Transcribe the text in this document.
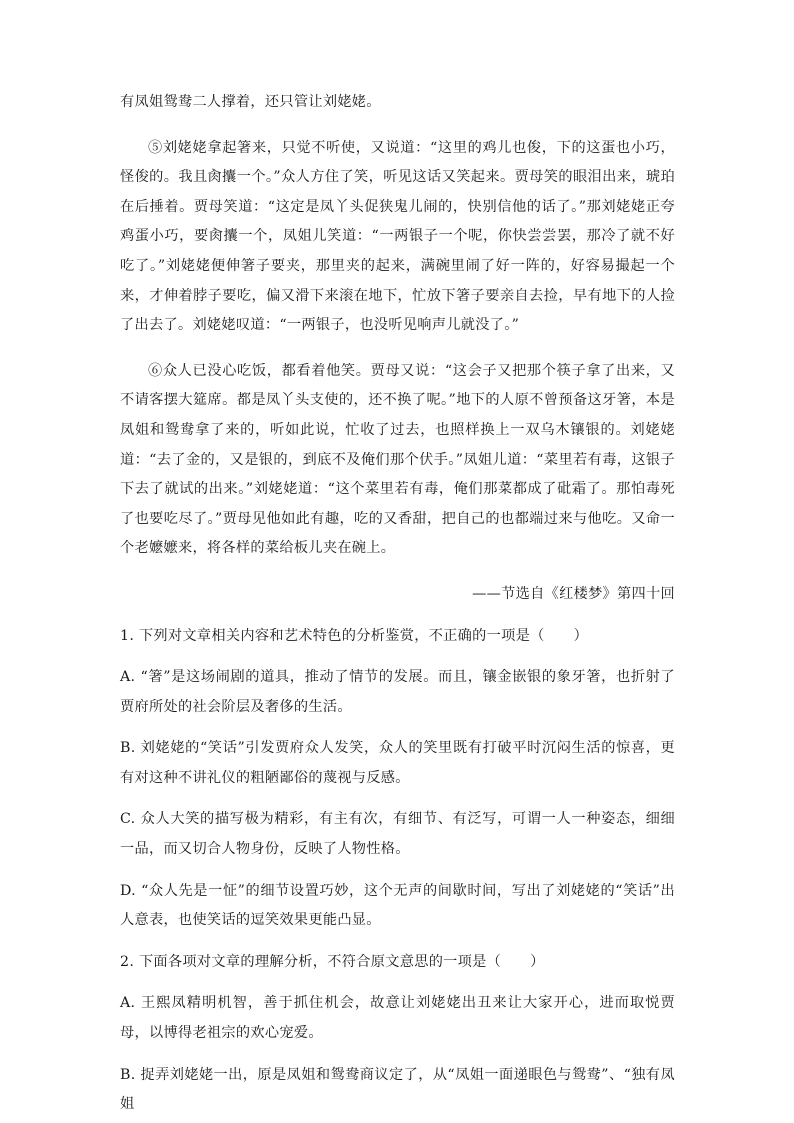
有凤姐鸳鸯二人撑着，还只管让刘姥姥。

⑤刘姥姥拿起箸来，只觉不听使，又说道：“这里的鸡儿也俊，下的这蛋也小巧，怪俊的。我且肏攮一个。”众人方住了笑，听见这话又笑起来。贾母笑的眼泪出来，琥珀在后捶着。贾母笑道：“这定是凤丫头促狭鬼儿闹的，快别信他的话了。”那刘姥姥正夸鸡蛋小巧，要肏攮一个，凤姐儿笑道：“一两银子一个呢，你快尝尝罢，那冷了就不好吃了。”刘姥姥便伸箸子要夹，那里夹的起来，满碗里闹了好一阵的，好容易撮起一个来，才伸着脖子要吃，偏又滑下来滚在地下，忙放下箸子要亲自去捡，早有地下的人捡了出去了。刘姥姥叹道：“一两银子，也没听见响声儿就没了。”

⑥众人已没心吃饭，都看着他笑。贾母又说：“这会子又把那个筷子拿了出来，又不请客摆大筵席。都是凤丫头支使的，还不换了呢。”地下的人原不曾预备这牙箸，本是凤姐和鸳鸯拿了来的，听如此说，忙收了过去，也照样换上一双乌木镶银的。刘姥姥道：“去了金的，又是银的，到底不及俺们那个伏手。”凤姐儿道：“菜里若有毒，这银子下去了就试的出来。”刘姥姥道：“这个菜里若有毒，俺们那菜都成了砒霜了。那怕毒死了也要吃尽了。”贾母见他如此有趣，吃的又香甜，把自己的也都端过来与他吃。又命一个老嬷嬷来，将各样的菜给板儿夹在碗上。

——节选自《红楼梦》第四十回

1. 下列对文章相关内容和艺术特色的分析鉴赏，不正确的一项是（　　）

A. “箸”是这场闹剧的道具，推动了情节的发展。而且，镶金嵌银的象牙箸，也折射了贾府所处的社会阶层及奢侈的生活。

B. 刘姥姥的“笑话”引发贾府众人发笑，众人的笑里既有打破平时沉闷生活的惊喜，更有对这种不讲礼仪的粗陋鄙俗的蔑视与反感。

C. 众人大笑的描写极为精彩，有主有次，有细节、有泛写，可谓一人一种姿态，细细一品，而又切合人物身份，反映了人物性格。

D. “众人先是一怔”的细节设置巧妙，这个无声的间歇时间，写出了刘姥姥的“笑话”出人意表，也使笑话的逗笑效果更能凸显。

2. 下面各项对文章的理解分析，不符合原文意思的一项是（　　）

A. 王熙凤精明机智，善于抓住机会，故意让刘姥姥出丑来让大家开心，进而取悦贾母，以博得老祖宗的欢心宠爱。

B. 捉弄刘姥姥一出，原是凤姐和鸳鸯商议定了，从“凤姐一面递眼色与鸳鸯”、“独有凤姐
